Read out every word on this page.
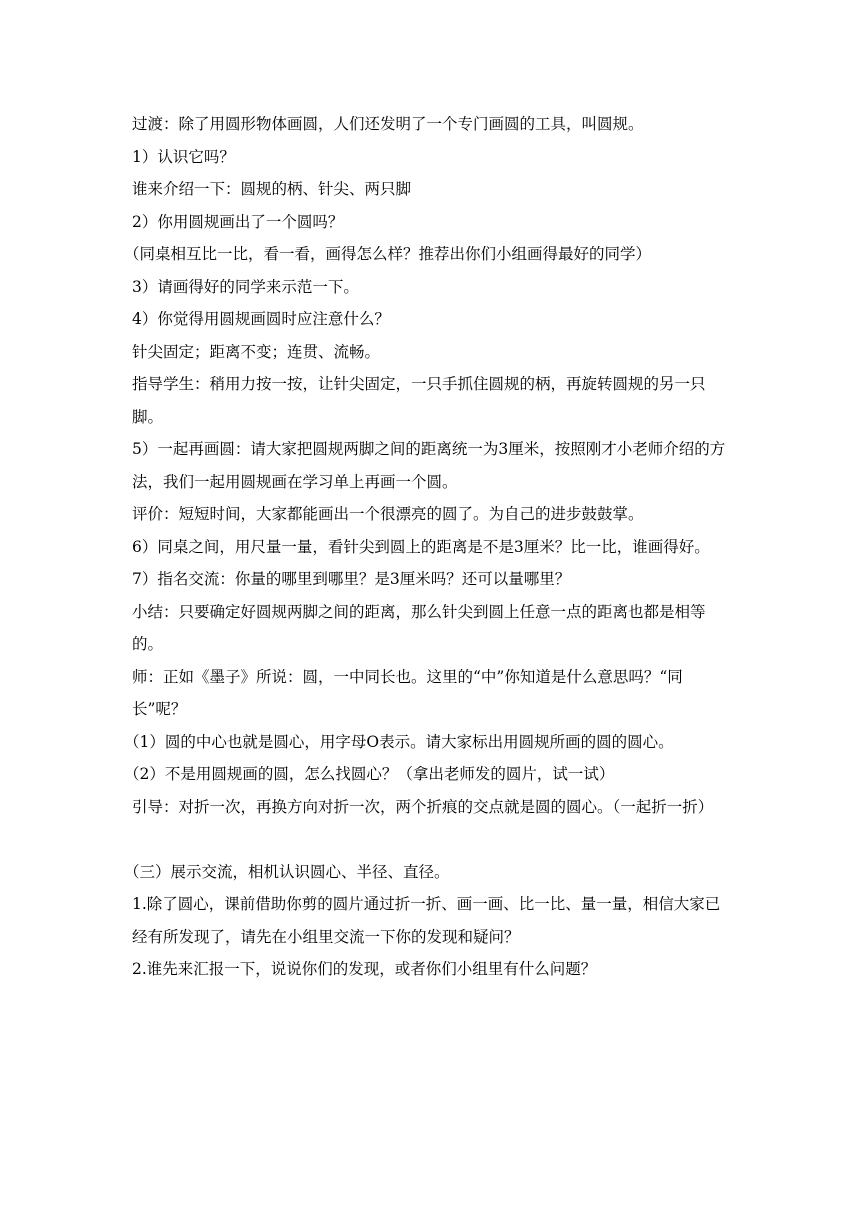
过渡：除了用圆形物体画圆，人们还发明了一个专门画圆的工具，叫圆规。

1）认识它吗？

谁来介绍一下：圆规的柄、针尖、两只脚

2）你用圆规画出了一个圆吗？

（同桌相互比一比，看一看，画得怎么样？推荐出你们小组画得最好的同学）

3）请画得好的同学来示范一下。

4）你觉得用圆规画圆时应注意什么？

针尖固定；距离不变；连贯、流畅。

指导学生：稍用力按一按，让针尖固定，一只手抓住圆规的柄，再旋转圆规的另一只脚。

5）一起再画圆：请大家把圆规两脚之间的距离统一为3厘米，按照刚才小老师介绍的方法，我们一起用圆规画在学习单上再画一个圆。

评价：短短时间，大家都能画出一个很漂亮的圆了。为自己的进步鼓鼓掌。

6）同桌之间，用尺量一量，看针尖到圆上的距离是不是3厘米？比一比，谁画得好。

7）指名交流：你量的哪里到哪里？是3厘米吗？还可以量哪里？

小结：只要确定好圆规两脚之间的距离，那么针尖到圆上任意一点的距离也都是相等的。

师：正如《墨子》所说：圆，一中同长也。这里的“中”你知道是什么意思吗？“同长”呢？

（1）圆的中心也就是圆心，用字母O表示。请大家标出用圆规所画的圆的圆心。

（2）不是用圆规画的圆，怎么找圆心？（拿出老师发的圆片，试一试）

引导：对折一次，再换方向对折一次，两个折痕的交点就是圆的圆心。（一起折一折）

（三）展示交流，相机认识圆心、半径、直径。

1.除了圆心，课前借助你剪的圆片通过折一折、画一画、比一比、量一量，相信大家已经有所发现了，请先在小组里交流一下你的发现和疑问？

2.谁先来汇报一下，说说你们的发现，或者你们小组里有什么问题？
